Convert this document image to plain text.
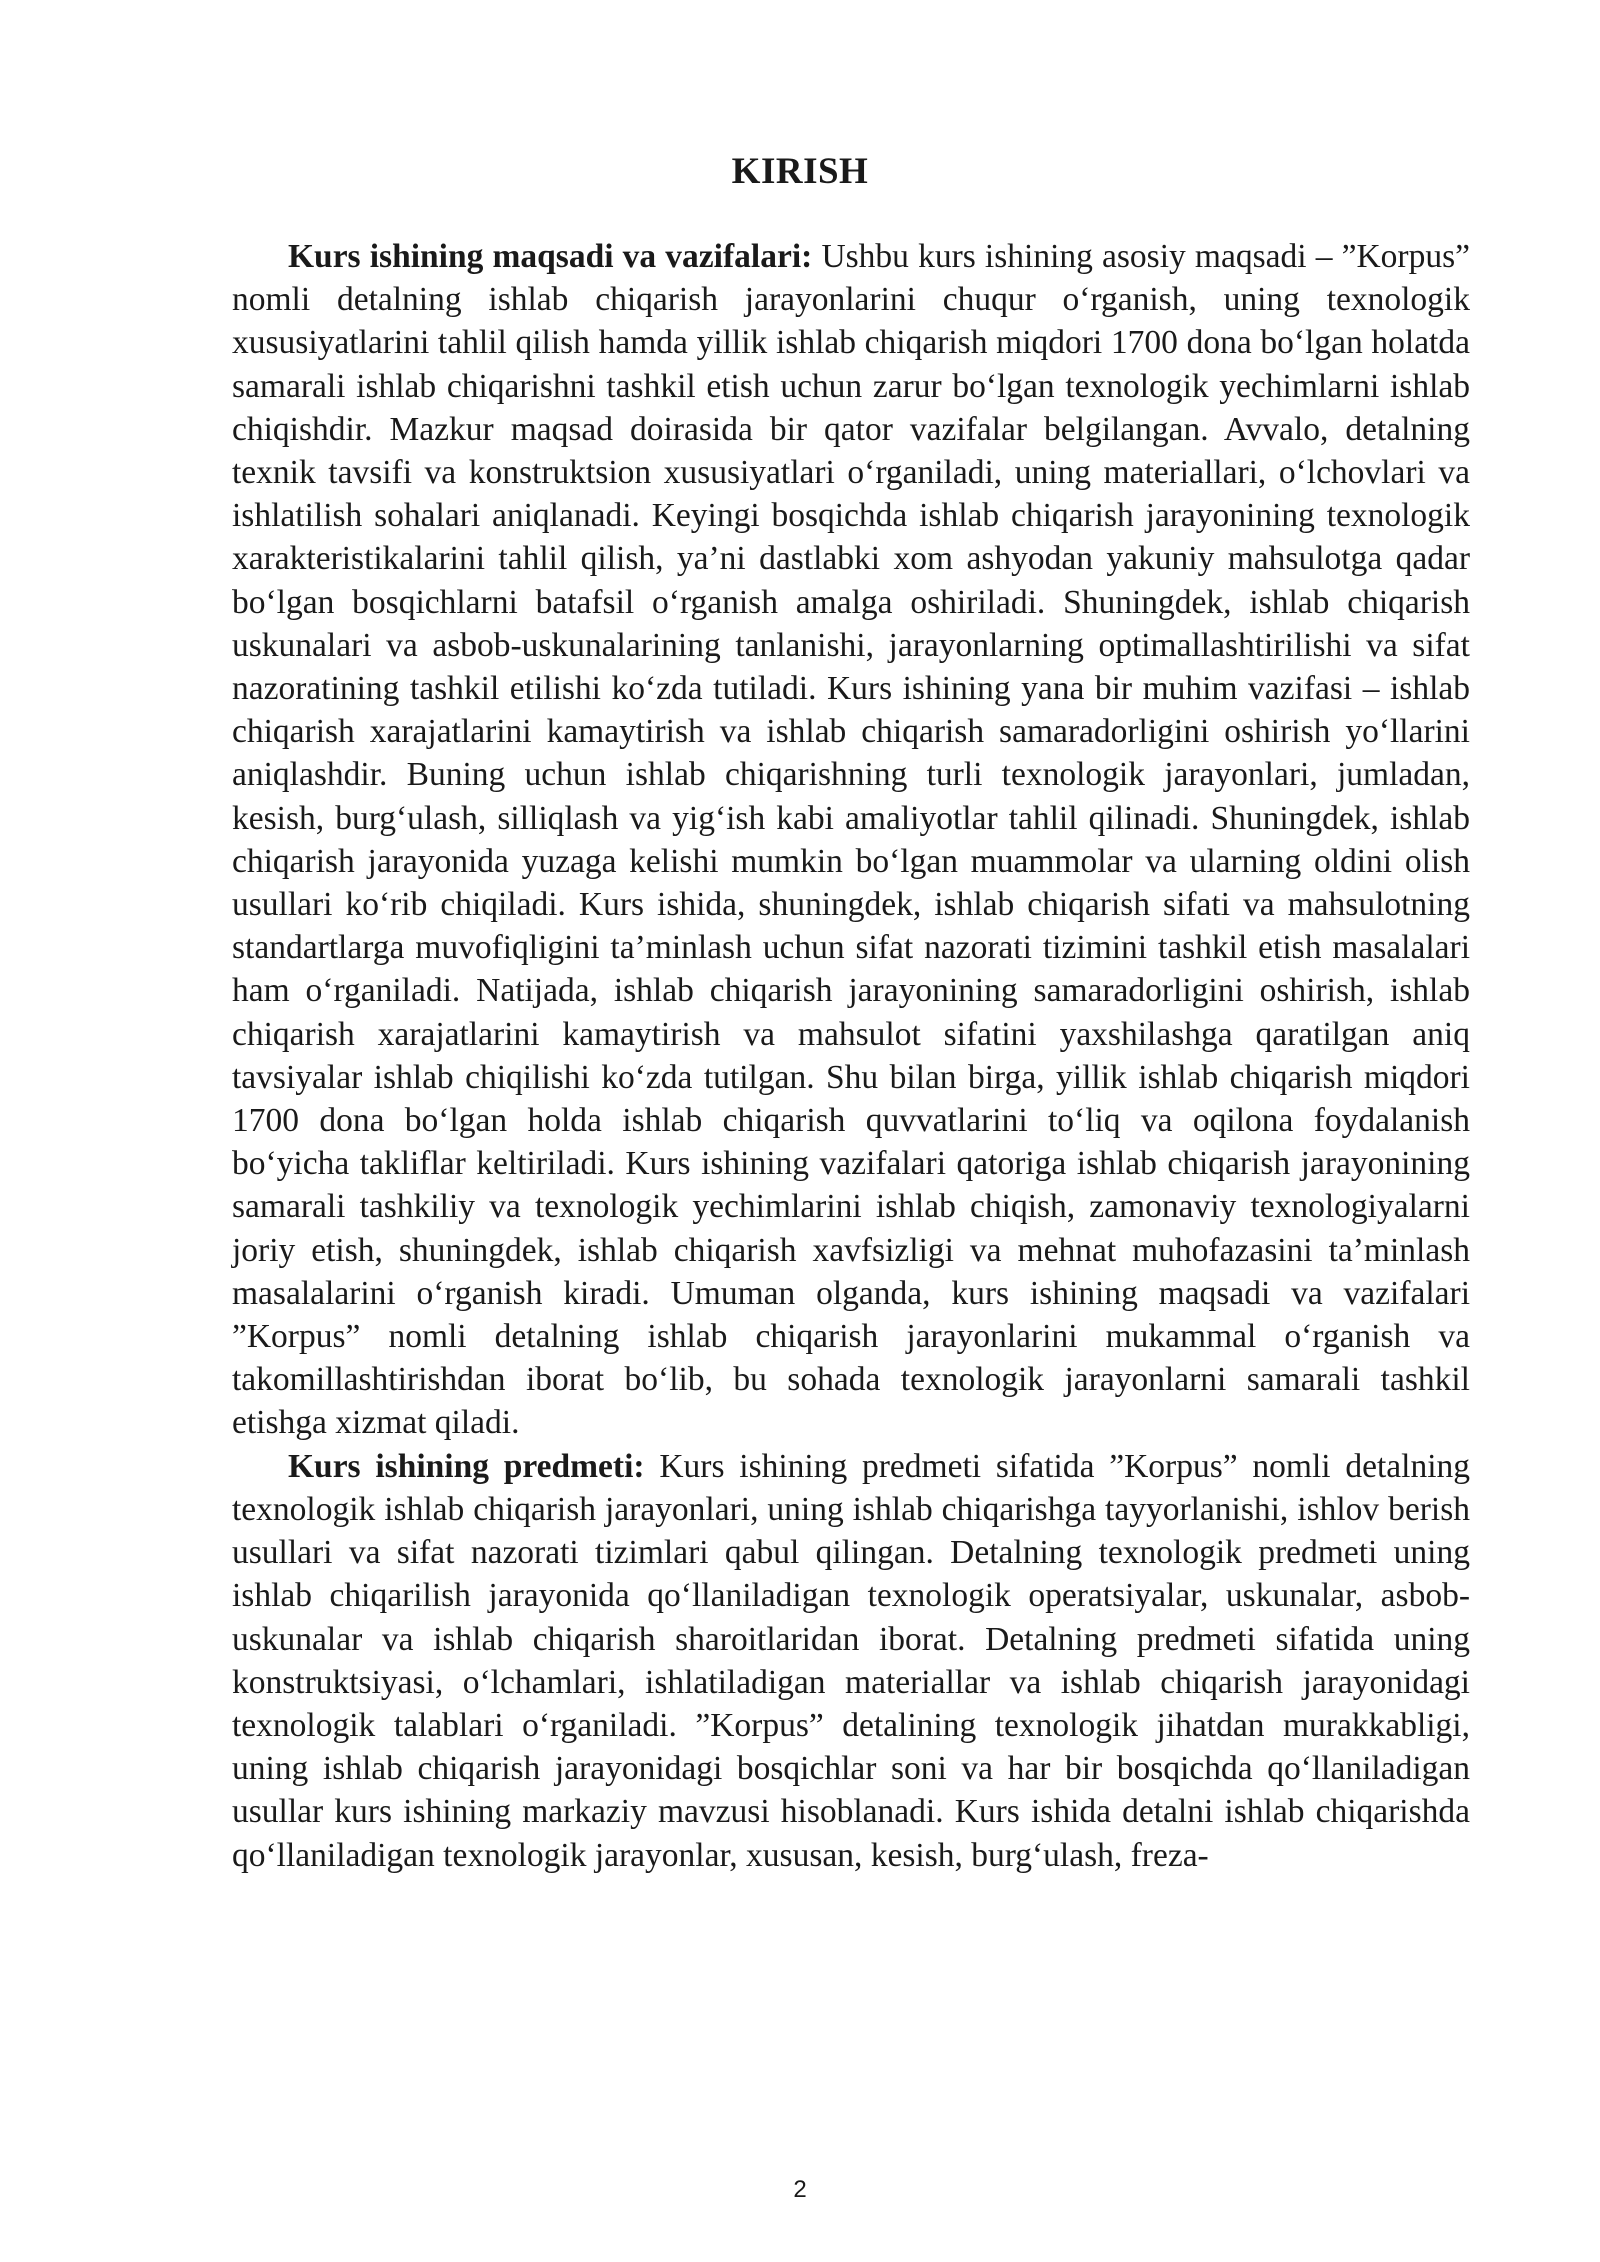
KIRISH

Kurs ishining maqsadi va vazifalari: Ushbu kurs ishining asosiy maqsadi – ”Korpus” nomli detalning ishlab chiqarish jarayonlarini chuqur o‘rganish, uning texnologik xususiyatlarini tahlil qilish hamda yillik ishlab chiqarish miqdori 1700 dona bo‘lgan holatda samarali ishlab chiqarishni tashkil etish uchun zarur bo‘lgan texnologik yechimlarni ishlab chiqishdir. Mazkur maqsad doirasida bir qator vazifalar belgilangan. Avvalo, detalning texnik tavsifi va konstruktsion xususiyatlari o‘rganiladi, uning materiallari, o‘lchovlari va ishlatilish sohalari aniqlanadi. Keyingi bosqichda ishlab chiqarish jarayonining texnologik xarakteristikalarini tahlil qilish, ya’ni dastlabki xom ashyodan yakuniy mahsulotga qadar bo‘lgan bosqichlarni batafsil o‘rganish amalga oshiriladi. Shuningdek, ishlab chiqarish uskunalari va asbob-uskunalarining tanlanishi, jarayonlarning optimallashtirilishi va sifat nazoratining tashkil etilishi ko‘zda tutiladi. Kurs ishining yana bir muhim vazifasi – ishlab chiqarish xarajatlarini kamaytirish va ishlab chiqarish samaradorligini oshirish yo‘llarini aniqlashdir. Buning uchun ishlab chiqarishning turli texnologik jarayonlari, jumladan, kesish, burg‘ulash, silliqlash va yig‘ish kabi amaliyotlar tahlil qilinadi. Shuningdek, ishlab chiqarish jarayonida yuzaga kelishi mumkin bo‘lgan muammolar va ularning oldini olish usullari ko‘rib chiqiladi. Kurs ishida, shuningdek, ishlab chiqarish sifati va mahsulotning standartlarga muvofiqligini ta’minlash uchun sifat nazorati tizimini tashkil etish masalalari ham o‘rganiladi. Natijada, ishlab chiqarish jarayonining samaradorligini oshirish, ishlab chiqarish xarajatlarini kamaytirish va mahsulot sifatini yaxshilashga qaratilgan aniq tavsiyalar ishlab chiqilishi ko‘zda tutilgan. Shu bilan birga, yillik ishlab chiqarish miqdori 1700 dona bo‘lgan holda ishlab chiqarish quvvatlarini to‘liq va oqilona foydalanish bo‘yicha takliflar keltiriladi. Kurs ishining vazifalari qatoriga ishlab chiqarish jarayonining samarali tashkiliy va texnologik yechimlarini ishlab chiqish, zamonaviy texnologiyalarni joriy etish, shuningdek, ishlab chiqarish xavfsizligi va mehnat muhofazasini ta’minlash masalalarini o‘rganish kiradi. Umuman olganda, kurs ishining maqsadi va vazifalari ”Korpus” nomli detalning ishlab chiqarish jarayonlarini mukammal o‘rganish va takomillashtirishdan iborat bo‘lib, bu sohada texnologik jarayonlarni samarali tashkil etishga xizmat qiladi.

Kurs ishining predmeti: Kurs ishining predmeti sifatida ”Korpus” nomli detalning texnologik ishlab chiqarish jarayonlari, uning ishlab chiqarishga tayyorlanishi, ishlov berish usullari va sifat nazorati tizimlari qabul qilingan. Detalning texnologik predmeti uning ishlab chiqarilish jarayonida qo‘llaniladigan texnologik operatsiyalar, uskunalar, asbob-uskunalar va ishlab chiqarish sharoitlaridan iborat. Detalning predmeti sifatida uning konstruktsiyasi, o‘lchamlari, ishlatiladigan materiallar va ishlab chiqarish jarayonidagi texnologik talablari o‘rganiladi. ”Korpus” detalining texnologik jihatdan murakkabligi, uning ishlab chiqarish jarayonidagi bosqichlar soni va har bir bosqichda qo‘llaniladigan usullar kurs ishining markaziy mavzusi hisoblanadi. Kurs ishida detalni ishlab chiqarishda qo‘llaniladigan texnologik jarayonlar, xususan, kesish, burg‘ulash, freza-

2
